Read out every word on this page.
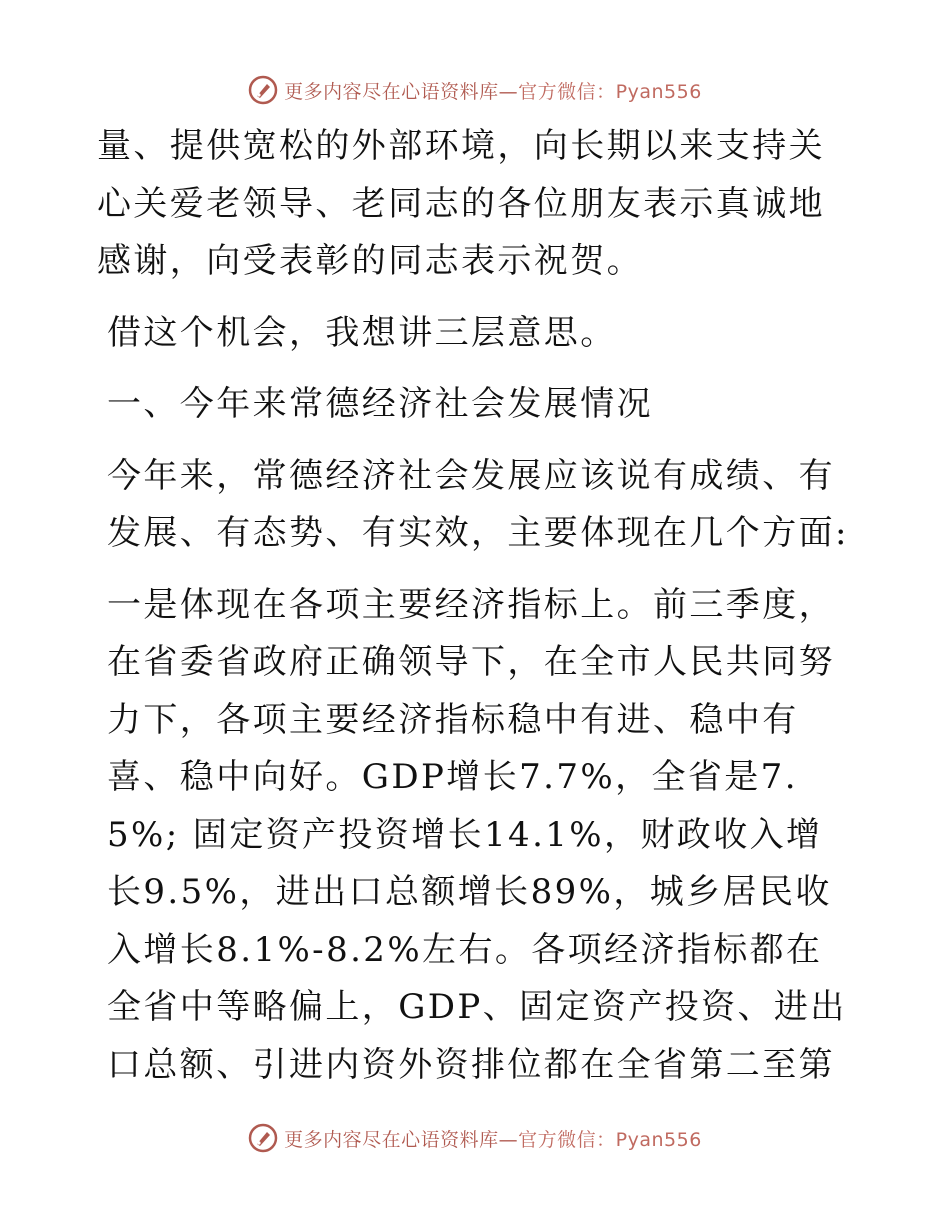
更多内容尽在心语资料库—官方微信：Pyan556

量、提供宽松的外部环境，向长期以来支持关心关爱老领导、老同志的各位朋友表示真诚地感谢，向受表彰的同志表示祝贺。

借这个机会，我想讲三层意思。

一、今年来常德经济社会发展情况

今年来，常德经济社会发展应该说有成绩、有发展、有态势、有实效，主要体现在几个方面:

一是体现在各项主要经济指标上。前三季度，在省委省政府正确领导下，在全市人民共同努力下，各项主要经济指标稳中有进、稳中有喜、稳中向好。GDP增长7.7%，全省是7.5%; 固定资产投资增长14.1%，财政收入增长9.5%，进出口总额增长89%，城乡居民收入增长8.1%-8.2%左右。各项经济指标都在全省中等略偏上，GDP、固定资产投资、进出口总额、引进内资外资排位都在全省第二至第

更多内容尽在心语资料库—官方微信：Pyan556
